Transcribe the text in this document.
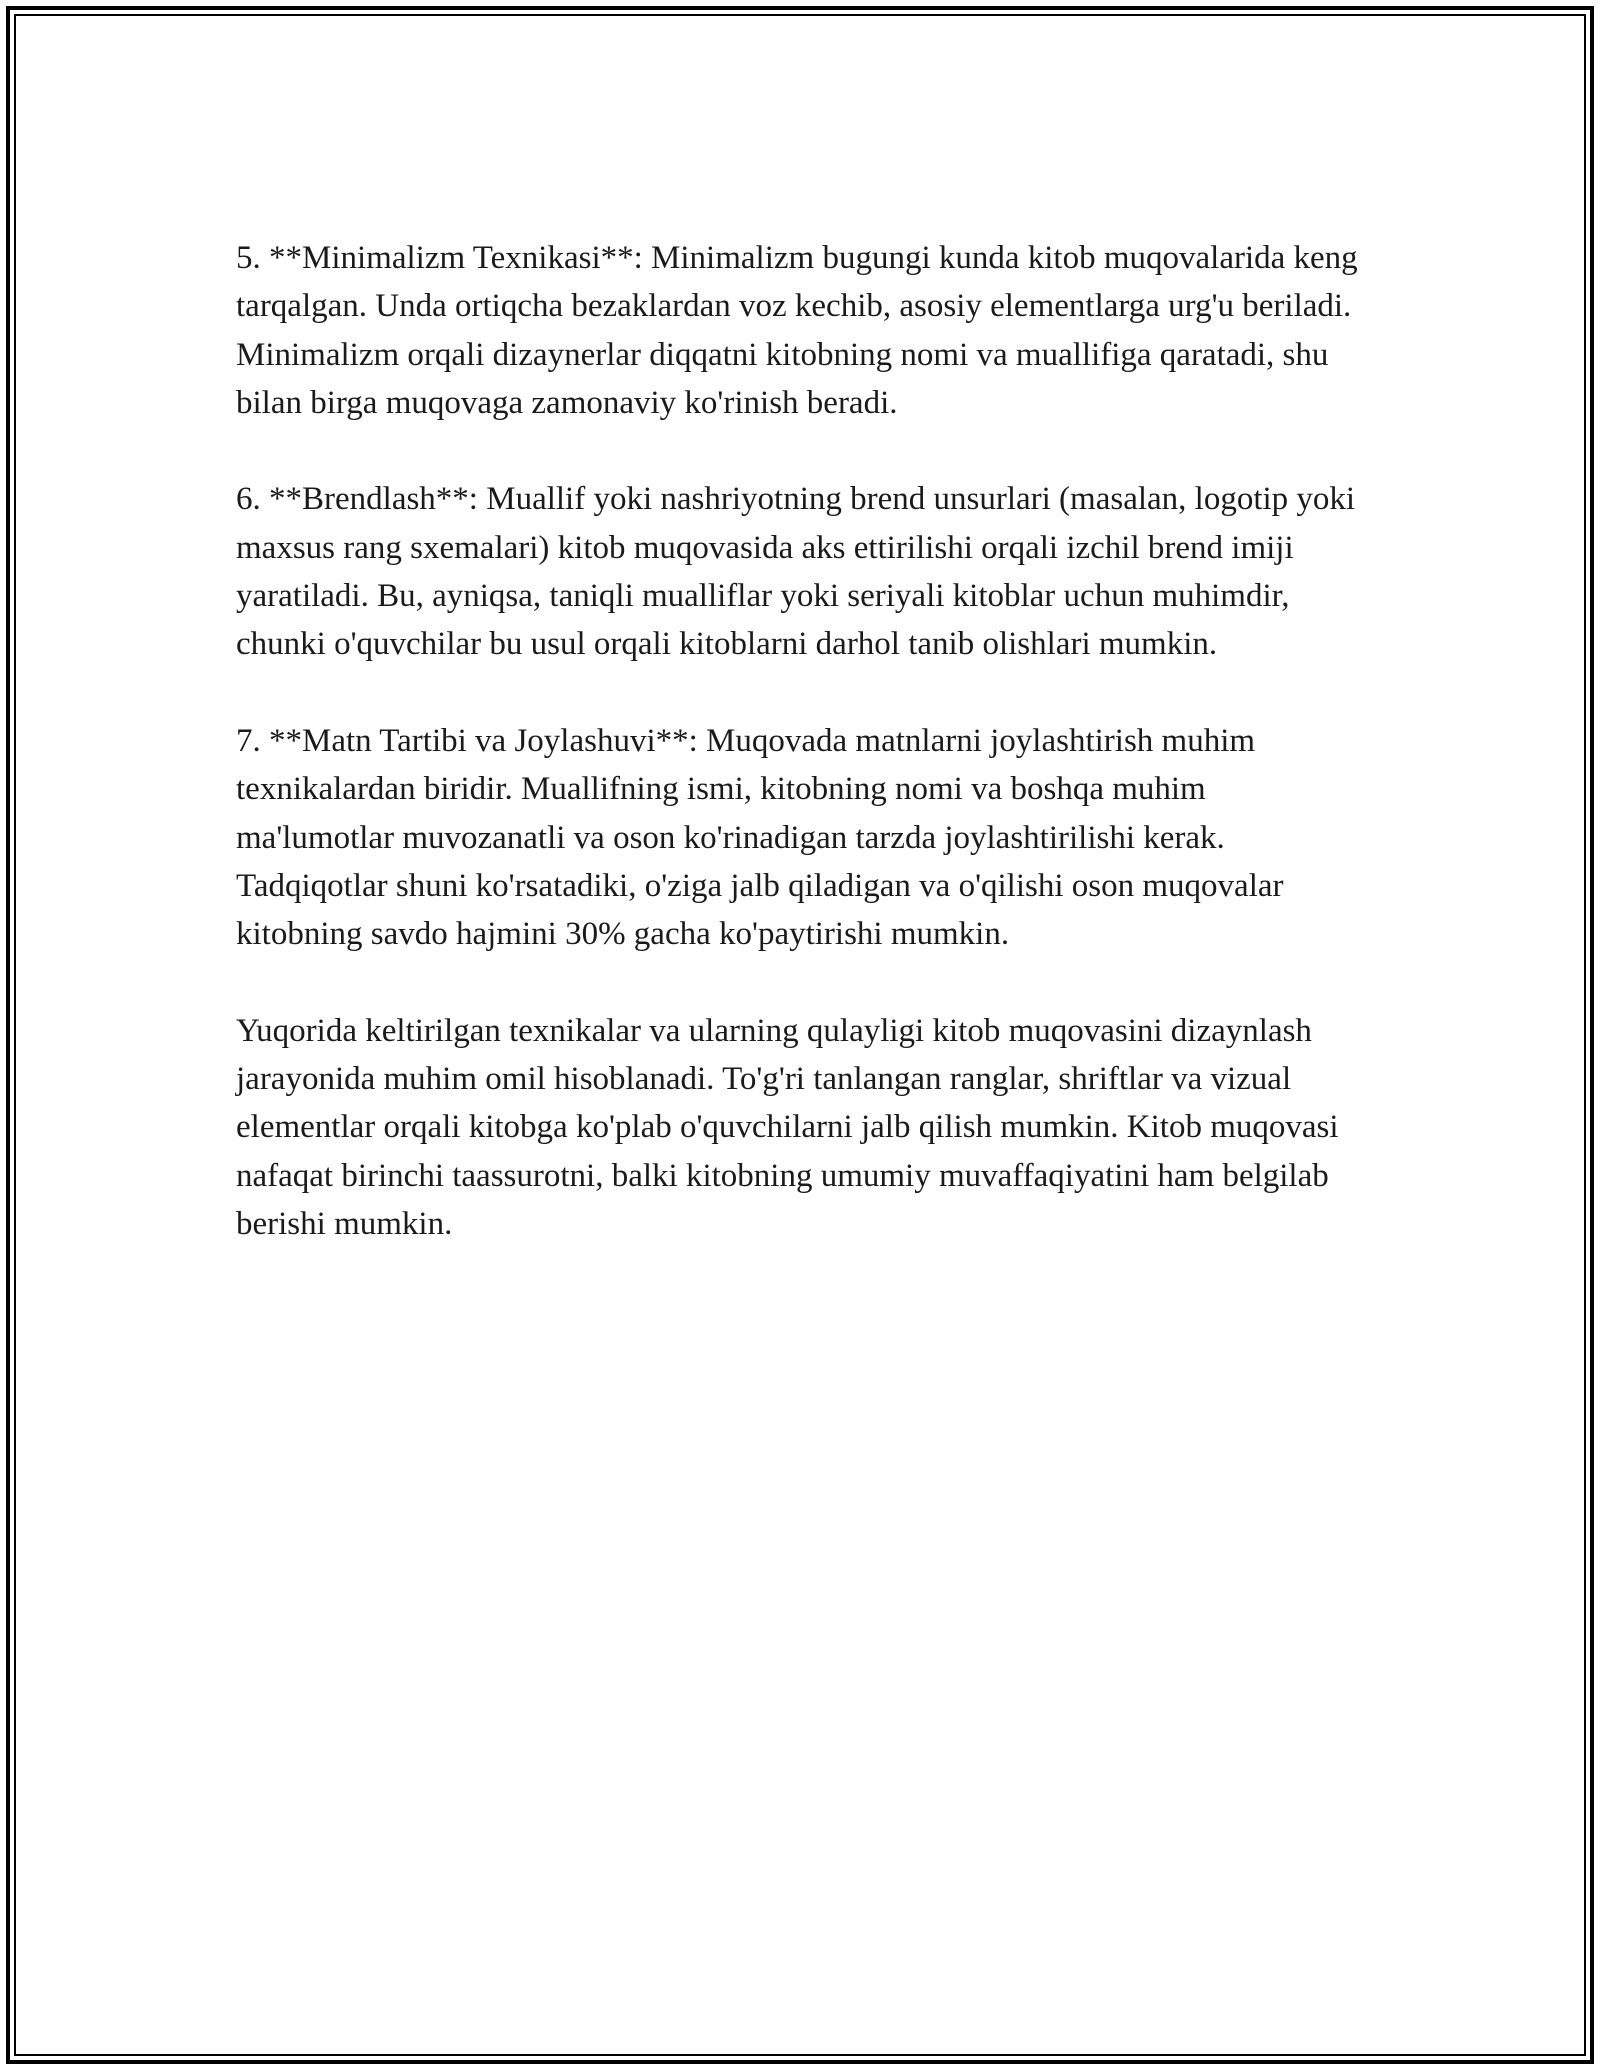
5. **Minimalizm Texnikasi**: Minimalizm bugungi kunda kitob muqovalarida keng tarqalgan. Unda ortiqcha bezaklardan voz kechib, asosiy elementlarga urg'u beriladi. Minimalizm orqali dizaynerlar diqqatni kitobning nomi va muallifiga qaratadi, shu bilan birga muqovaga zamonaviy ko'rinish beradi.

6. **Brendlash**: Muallif yoki nashriyotning brend unsurlari (masalan, logotip yoki maxsus rang sxemalari) kitob muqovasida aks ettirilishi orqali izchil brend imiji yaratiladi. Bu, ayniqsa, taniqli mualliflar yoki seriyali kitoblar uchun muhimdir, chunki o'quvchilar bu usul orqali kitoblarni darhol tanib olishlari mumkin.

7. **Matn Tartibi va Joylashuvi**: Muqovada matnlarni joylashtirish muhim texnikalardan biridir. Muallifning ismi, kitobning nomi va boshqa muhim ma'lumotlar muvozanatli va oson ko'rinadigan tarzda joylashtirilishi kerak. Tadqiqotlar shuni ko'rsatadiki, o'ziga jalb qiladigan va o'qilishi oson muqovalar kitobning savdo hajmini 30% gacha ko'paytirishi mumkin.

Yuqorida keltirilgan texnikalar va ularning qulayligi kitob muqovasini dizaynlash jarayonida muhim omil hisoblanadi. To'g'ri tanlangan ranglar, shriftlar va vizual elementlar orqali kitobga ko'plab o'quvchilarni jalb qilish mumkin. Kitob muqovasi nafaqat birinchi taassurotni, balki kitobning umumiy muvaffaqiyatini ham belgilab berishi mumkin.
